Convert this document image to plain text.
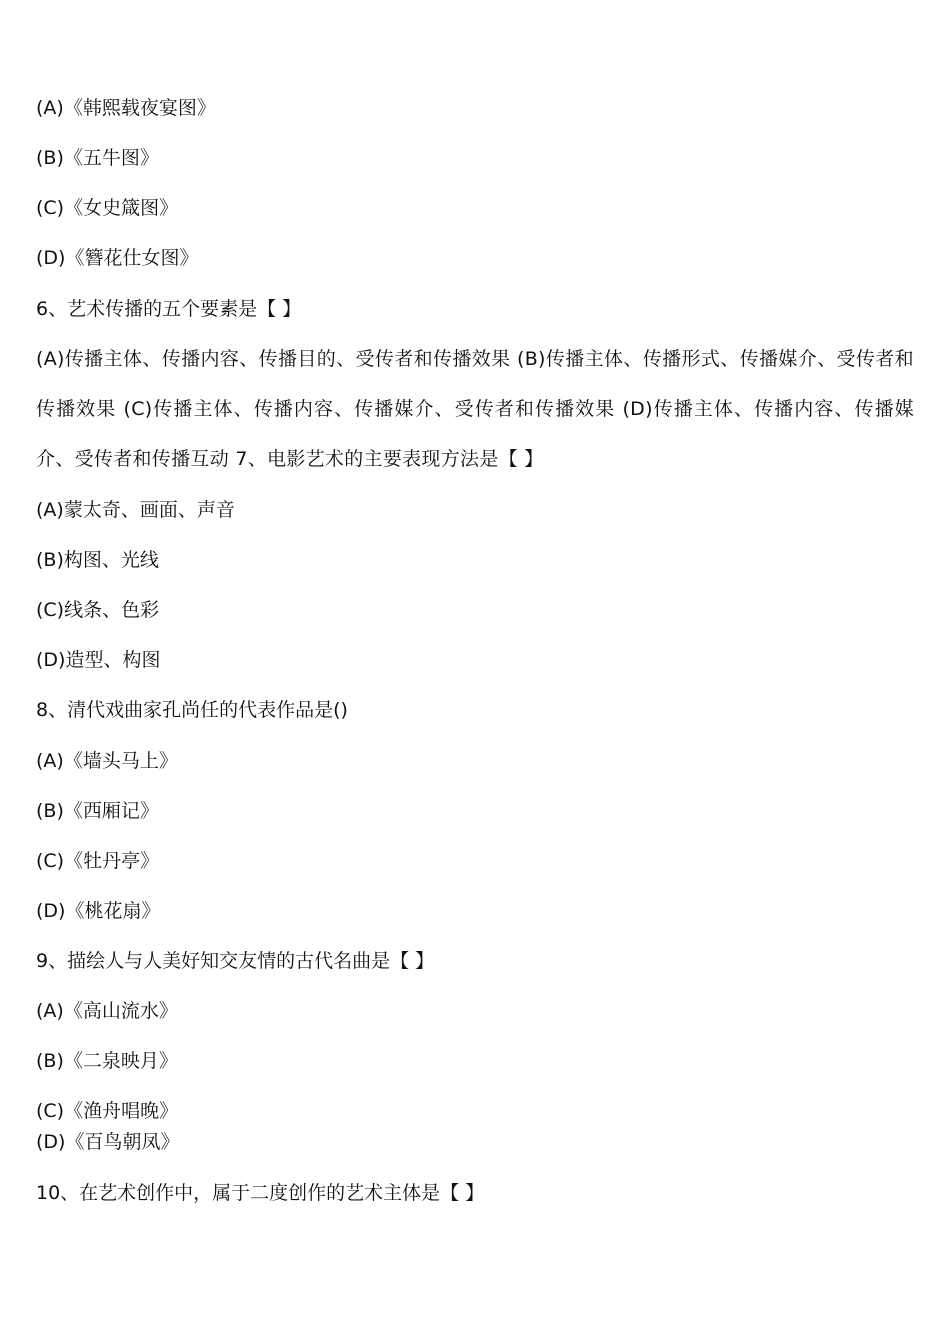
(A)《韩熙载夜宴图》
(B)《五牛图》
(C)《女史箴图》
(D)《簪花仕女图》
6、艺术传播的五个要素是【 】
(A)传播主体、传播内容、传播目的、受传者和传播效果 (B)传播主体、传播形式、传播媒介、受传者和传播效果 (C)传播主体、传播内容、传播媒介、受传者和传播效果 (D)传播主体、传播内容、传播媒介、受传者和传播互动 7、电影艺术的主要表现方法是【 】
(A)蒙太奇、画面、声音
(B)构图、光线
(C)线条、色彩
(D)造型、构图
8、清代戏曲家孔尚任的代表作品是()
(A)《墙头马上》
(B)《西厢记》
(C)《牡丹亭》
(D)《桃花扇》
9、描绘人与人美好知交友情的古代名曲是【 】
(A)《高山流水》
(B)《二泉映月》
(C)《渔舟唱晚》
(D)《百鸟朝凤》
10、在艺术创作中，属于二度创作的艺术主体是【 】
